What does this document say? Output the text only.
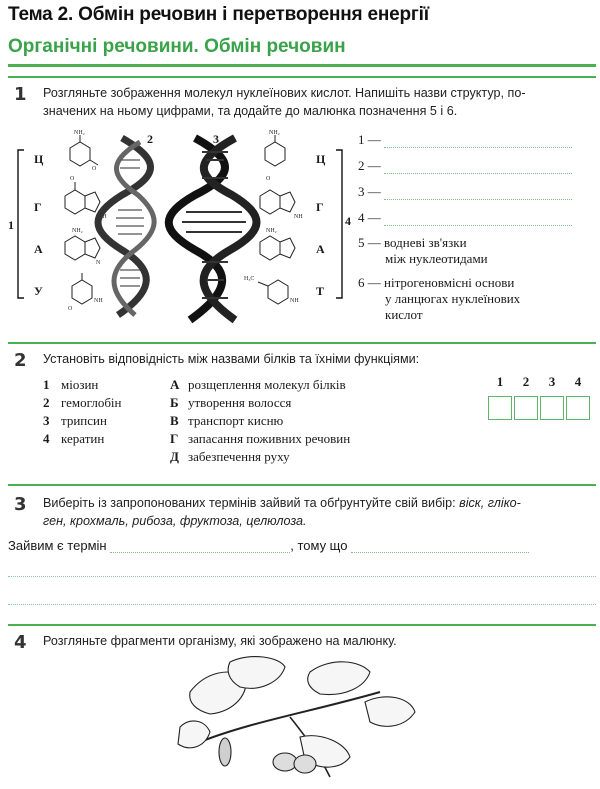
Тема 2. Обмін речовин і перетворення енергії
Органічні речовини. Обмін речовин
1 Розгляньте зображення молекул нуклеїнових кислот. Напишіть назви структур, по-
значених на ньому цифрами, та додайте до малюнка позначення 5 і 6.
NH₂
O
O
NH
NH₂
N
NH
O
NH₂
O
NH
NH₂
H₃C
NH
1
2	3
4
Ц
Г
А
У
Ц
Г
А
Т
1 —
2 —
3 —
4 —
5 — водневі зв'язки
між нуклеотидами
6 — нітрогеновмісні основи
у ланцюгах нуклеїнових
кислот
2 Установіть відповідність між назвами білків та їхніми функціями:
1 міозин
2 гемоглобін
3 трипсин
4 кератин
А розщеплення молекул білків
Б утворення волосся
В транспорт кисню
Г запасання поживних речовин
Д забезпечення руху
1	2	3	4
3 Виберіть із запропонованих термінів зайвий та обґрунтуйте свій вибір: віск, гліко-
ген, крохмаль, рибоза, фруктоза, целюлоза.
Зайвим є термін	, тому що
4 Розгляньте фрагменти організму, які зображено на малюнку.
